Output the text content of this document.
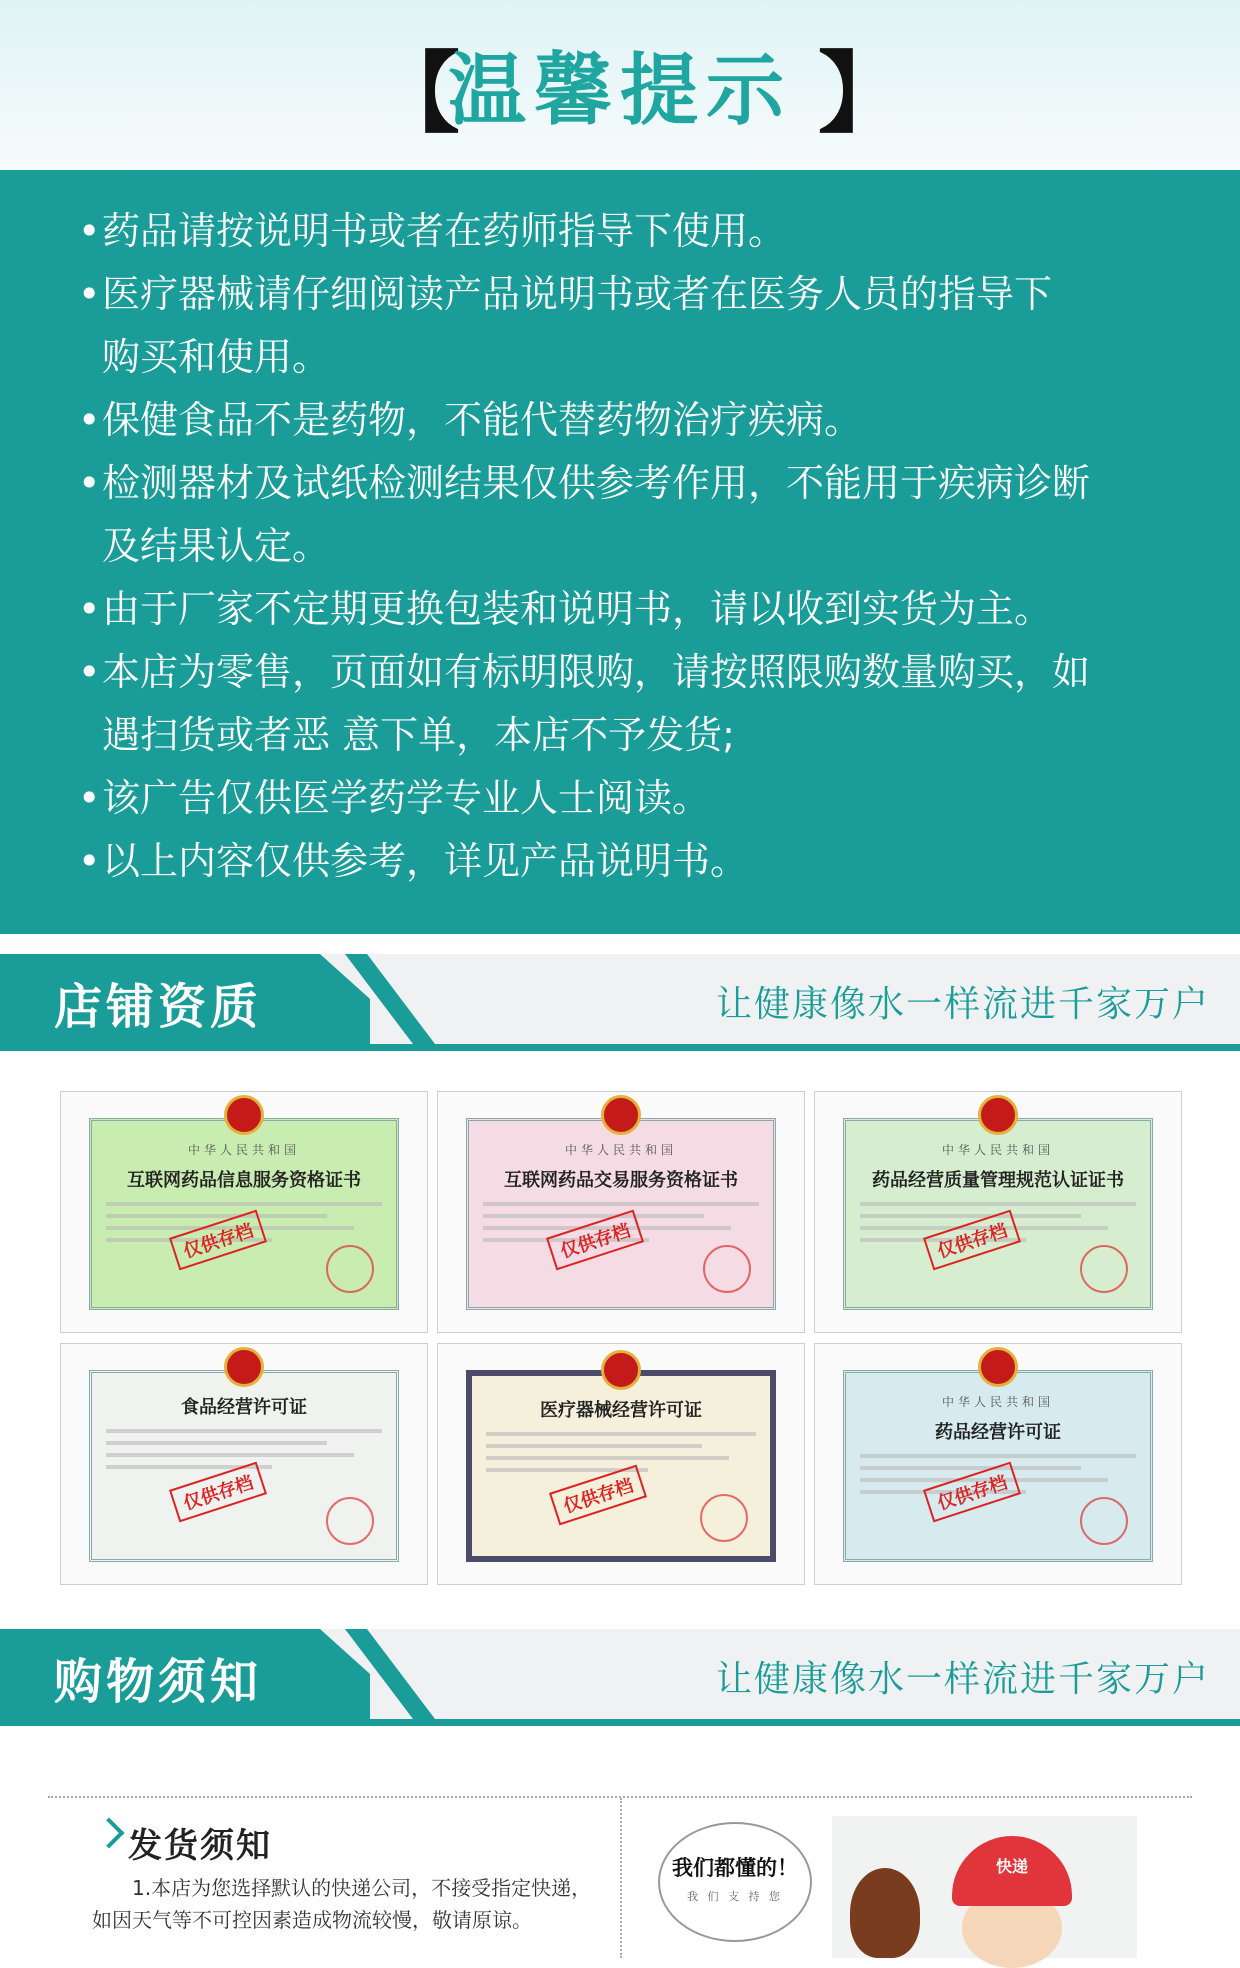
【
温馨提示 】
• 药品请按说明书或者在药师指导下使用。
• 医疗器械请仔细阅读产品说明书或者在医务人员的指导下
购买和使用。
• 保健食品不是药物，不能代替药物治疗疾病。
• 检测器材及试纸检测结果仅供参考作用，不能用于疾病诊断
及结果认定。
• 由于厂家不定期更换包装和说明书，请以收到实货为主。
• 本店为零售，页面如有标明限购，请按照限购数量购买，如
遇扫货或者恶 意下单，本店不予发货;
• 该广告仅供医学药学专业人士阅读。
• 以上内容仅供参考，详见产品说明书。
店铺资质	让健康像水一样流进千家万户
中华人民共和国
互联网药品信息服务资格证书
仅供存档
中华人民共和国
互联网药品交易服务资格证书
仅供存档
中华人民共和国
药品经营质量管理规范认证证书
仅供存档
食品经营许可证
仅供存档
医疗器械经营许可证
仅供存档
中华人民共和国
药品经营许可证
仅供存档
购物须知	让健康像水一样流进千家万户
发货须知
1.本店为您选择默认的快递公司，不接受指定快递，
如因天气等不可控因素造成物流较慢，敬请原谅。
我们都懂的！
我 们 支 持 您
快递
